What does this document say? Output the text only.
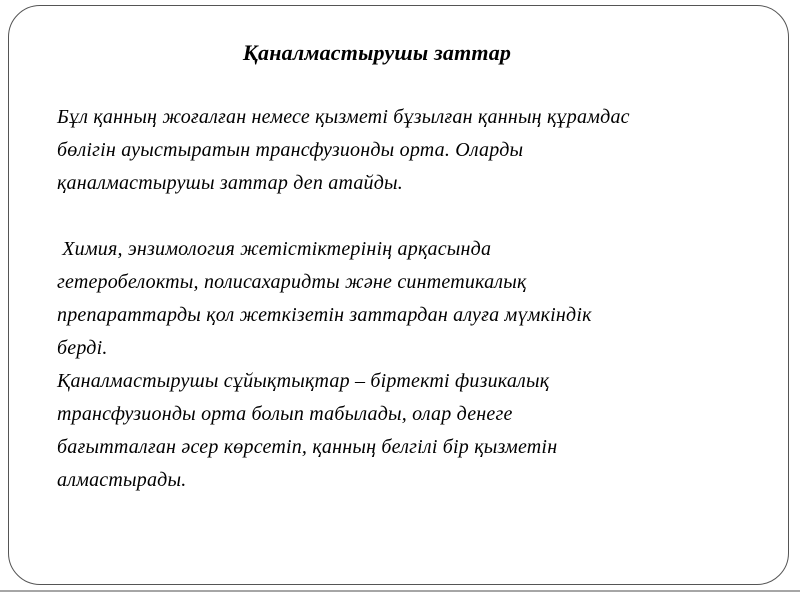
Қаналмастырушы заттар
Бұл қанның жоғалған немесе қызметі бұзылған қанның құрамдас
бөлігін ауыстыратын трансфузионды орта. Оларды
қаналмастырушы заттар деп атайды.
Химия, энзимология жетістіктерінің арқасында
гетеробелокты, полисахаридты және синтетикалық
препараттарды қол жеткізетін заттардан алуға мүмкіндік
берді.
Қаналмастырушы сұйықтықтар – біртекті физикалық
трансфузионды орта болып табылады, олар денеге
бағытталған әсер көрсетіп, қанның белгілі бір қызметін
алмастырады.
